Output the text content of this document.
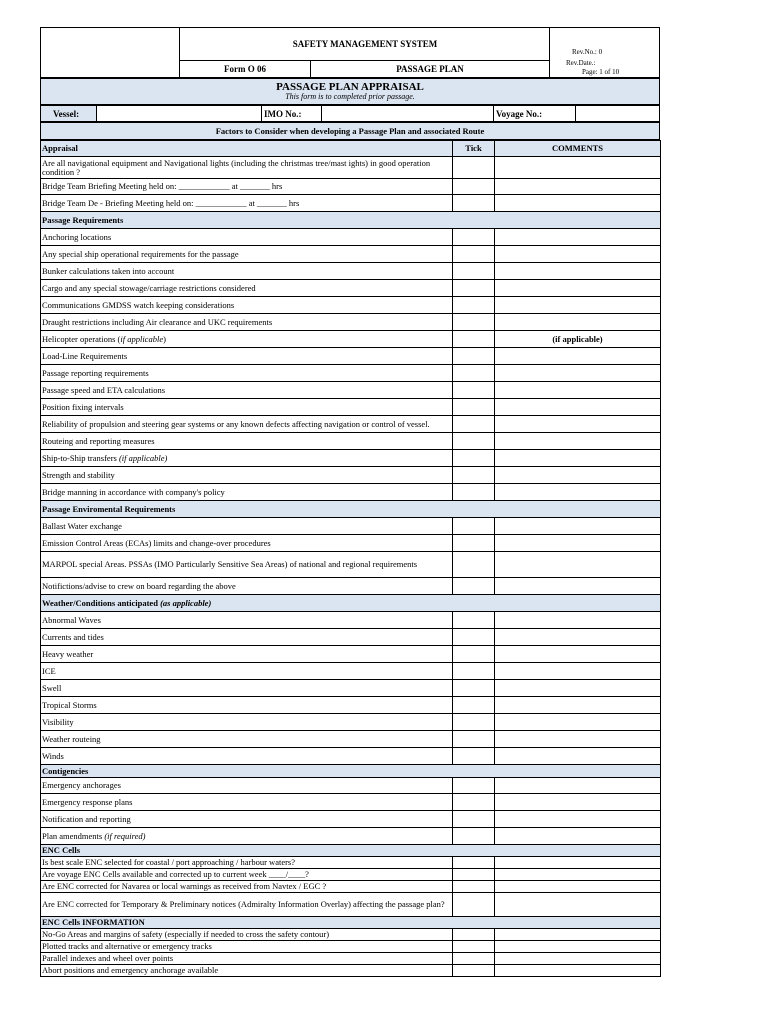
SAFETY MANAGEMENT SYSTEM
Form O 06	PASSAGE PLAN
Rev.No.: 0
Rev.Date.:
Page: 1 of 10
PASSAGE PLAN APPRAISAL
This form is to completed prior passage.
Vessel:	IMO No.:	Voyage No.:
Factors to Consider when developing a Passage Plan and associated Route
Appraisal	Tick	COMMENTS
Are all navigational equipment and Navigational lights (including the christmas tree/mast ights) in good operation condition ?		
Bridge Team Briefing Meeting held on: ____________ at _______ hrs		
Bridge Team De - Briefing Meeting held on: ____________ at _______ hrs		
Passage Requirements		
Anchoring locations		
Any special ship operational requirements for the passage		
Bunker calculations taken into account		
Cargo and any special stowage/carriage restrictions considered		
Communications GMDSS watch keeping considerations		
Draught restrictions including Air clearance and UKC requirements		
Helicopter operations (if applicable)		(if applicable)
Load-Line Requirements		
Passage reporting requirements		
Passage speed and ETA calculations		
Position fixing intervals		
Reliability of propulsion and steering gear systems or any known defects affecting navigation or control of vessel.		
Routeing and reporting measures		
Ship-to-Ship transfers (if applicable)		
Strength and stability		
Bridge manning in accordance with company's policy		
Passage Enviromental Requirements		
Ballast Water exchange		
Emission Control Areas (ECAs) limits and change-over procedures		
MARPOL special Areas. PSSAs (IMO Particularly Sensitive Sea Areas) of national and regional requirements		
Notifictions/advise to crew on board regarding the above		
Weather/Conditions anticipated (as applicable)		
Abnormal Waves		
Currents and tides		
Heavy weather		
ICE		
Swell		
Tropical Storms		
Visibility		
Weather routeing		
Winds		
Contigencies		
Emergency anchorages		
Emergency response plans		
Notification and reporting		
Plan amendments (if required)		
ENC Cells		
Is best scale ENC selected for coastal / port approaching / harbour waters?		
Are voyage ENC Cells available and corrected up to current week ____/____?		
Are ENC corrected for Navarea or local warnings as received from Navtex / EGC ?		
Are ENC corrected for Temporary & Preliminary notices (Admiralty Information Overlay) affecting the passage plan?		
ENC Cells INFORMATION		
No-Go Areas and margins of safety (especially if needed to cross the safety contour)		
Plotted tracks and alternative or emergency tracks		
Parallel indexes and wheel over points		
Abort positions and emergency anchorage available		
